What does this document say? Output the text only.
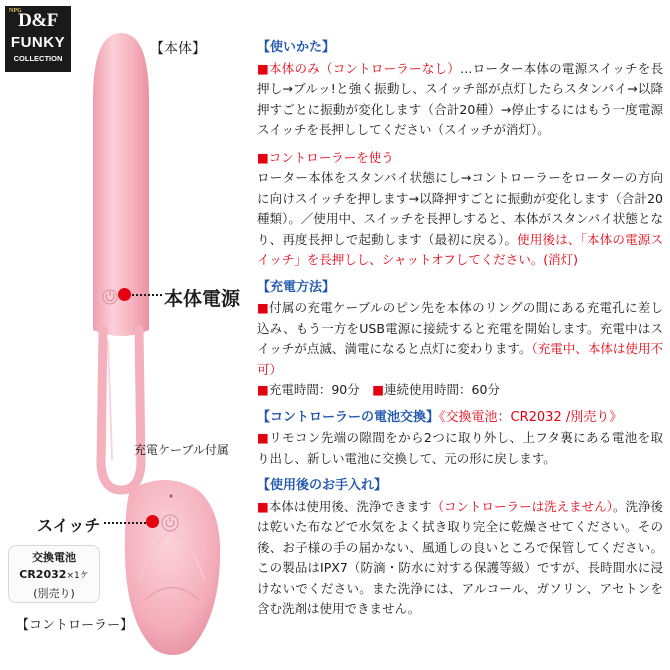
NPG
D&F
FUNKY
COLLECTION
【本体】
本体電源
充電ケーブル付属
スイッチ
交換電池
CR2032×1ケ
(別売り)
【コントローラー】
【使いかた】
■本体のみ（コントローラーなし）…ローター本体の電源スイッチを長押し→ブルッ!と強く振動し、スイッチ部が点灯したらスタンバイ→以降押すごとに振動が変化します（合計20種）→停止するにはもう一度電源スイッチを長押ししてください（スイッチが消灯）。
■コントローラーを使う
ローター本体をスタンバイ状態にし→コントローラーをローターの方向に向けスイッチを押します→以降押すごとに振動が変化します（合計20種類）。／使用中、スイッチを長押しすると、本体がスタンバイ状態となり、再度長押しで起動します（最初に戻る）。使用後は、「本体の電源スイッチ」を長押しし、シャットオフしてください。(消灯)
【充電方法】
■付属の充電ケーブルのピン先を本体のリングの間にある充電孔に差し込み、もう一方をUSB電源に接続すると充電を開始します。充電中はスイッチが点滅、満電になると点灯に変わります。（充電中、本体は使用不可）
■充電時間：90分　 ■連続使用時間：60分
【コントローラーの電池交換】《交換電池：CR2032 /別売り》
■リモコン先端の隙間をから2つに取り外し、上フタ裏にある電池を取り出し、新しい電池に交換して、元の形に戻します。
【使用後のお手入れ】
■本体は使用後、洗浄できます（コントローラーは洗えません）。洗浄後は乾いた布などで水気をよく拭き取り完全に乾燥させてください。その後、お子様の手の届かない、風通しの良いところで保管してください。この製品はIPX7（防滴・防水に対する保護等級）ですが、長時間水に浸けないでください。また洗浄には、アルコール、ガソリン、アセトンを含む洗剤は使用できません。
